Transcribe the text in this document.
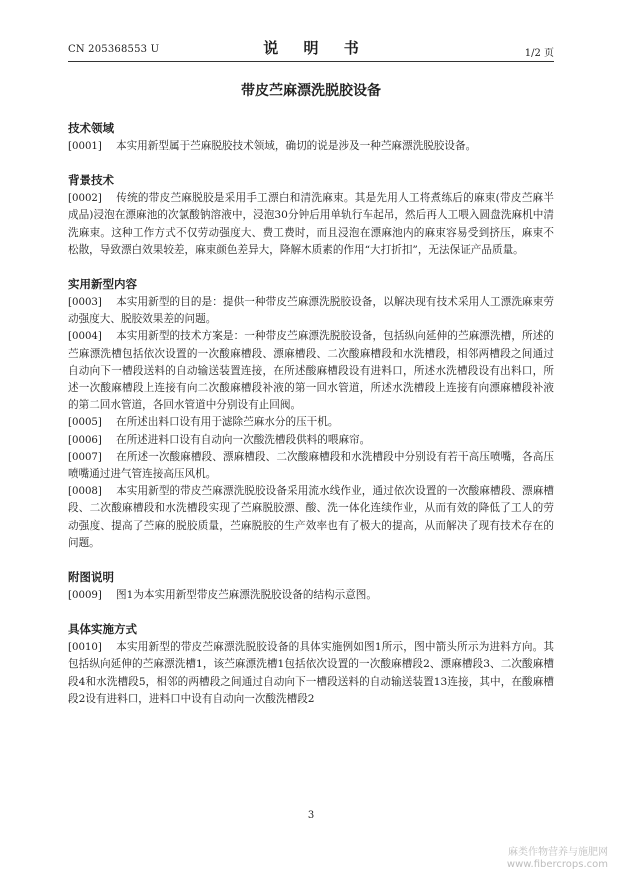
CN 205368553 U	说 明 书	1/2 页
带皮苎麻漂洗脱胶设备
技术领域

[0001] 本实用新型属于苎麻脱胶技术领域，确切的说是涉及一种苎麻漂洗脱胶设备。

背景技术

[0002] 传统的带皮苎麻脱胶是采用手工漂白和清洗麻束。其是先用人工将煮练后的麻束(带皮苎麻半成品)浸泡在漂麻池的次氯酸钠溶液中，浸泡30分钟后用单轨行车起吊，然后再人工喂入圆盘洗麻机中清洗麻束。这种工作方式不仅劳动强度大、费工费时，而且浸泡在漂麻池内的麻束容易受到挤压，麻束不松散，导致漂白效果较差，麻束颜色差异大，降解木质素的作用“大打折扣”，无法保证产品质量。

实用新型内容

[0003] 本实用新型的目的是：提供一种带皮苎麻漂洗脱胶设备，以解决现有技术采用人工漂洗麻束劳动强度大、脱胶效果差的问题。

[0004] 本实用新型的技术方案是：一种带皮苎麻漂洗脱胶设备，包括纵向延伸的苎麻漂洗槽，所述的苎麻漂洗槽包括依次设置的一次酸麻槽段、漂麻槽段、二次酸麻槽段和水洗槽段，相邻两槽段之间通过自动向下一槽段送料的自动输送装置连接，在所述酸麻槽段设有进料口，所述水洗槽段设有出料口，所述一次酸麻槽段上连接有向二次酸麻槽段补液的第一回水管道，所述水洗槽段上连接有向漂麻槽段补液的第二回水管道，各回水管道中分别设有止回阀。

[0005] 在所述出料口设有用于滤除苎麻水分的压干机。

[0006] 在所述进料口设有自动向一次酸洗槽段供料的喂麻帘。

[0007] 在所述一次酸麻槽段、漂麻槽段、二次酸麻槽段和水洗槽段中分别设有若干高压喷嘴，各高压喷嘴通过进气管连接高压风机。

[0008] 本实用新型的带皮苎麻漂洗脱胶设备采用流水线作业，通过依次设置的一次酸麻槽段、漂麻槽段、二次酸麻槽段和水洗槽段实现了苎麻脱胶漂、酸、洗一体化连续作业，从而有效的降低了工人的劳动强度、提高了苎麻的脱胶质量，苎麻脱胶的生产效率也有了极大的提高，从而解决了现有技术存在的问题。

附图说明

[0009] 图1为本实用新型带皮苎麻漂洗脱胶设备的结构示意图。

具体实施方式

[0010] 本实用新型的带皮苎麻漂洗脱胶设备的具体实施例如图1所示，图中箭头所示为进料方向。其包括纵向延伸的苎麻漂洗槽1，该苎麻漂洗槽1包括依次设置的一次酸麻槽段2、漂麻槽段3、二次酸麻槽段4和水洗槽段5，相邻的两槽段之间通过自动向下一槽段送料的自动输送装置13连接，其中，在酸麻槽段2设有进料口，进料口中设有自动向一次酸洗槽段2

3
麻类作物营养与施肥网
www.fibercrops.com
